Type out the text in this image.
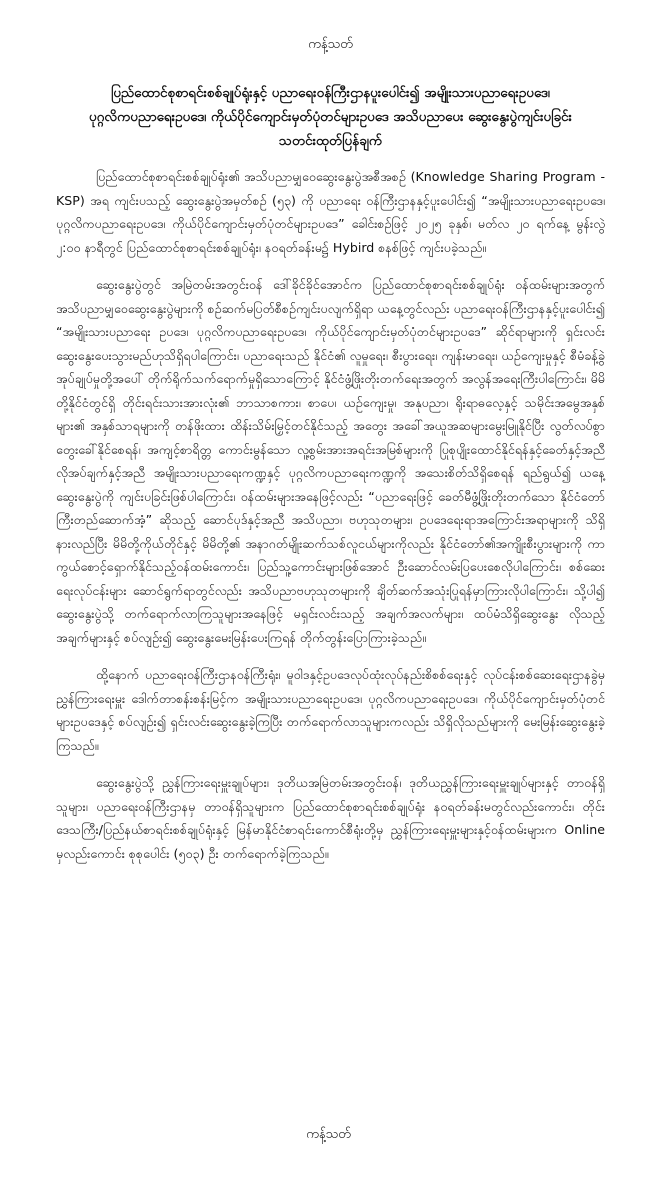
ကန့်သတ်
ပြည်ထောင်စုစာရင်းစစ်ချုပ်ရုံးနှင့် ပညာရေးဝန်ကြီးဌာနပူးပေါင်း၍ အမျိုးသားပညာရေးဥပဒေ၊
ပုဂ္ဂလိကပညာရေးဥပဒေ၊ ကိုယ်ပိုင်ကျောင်းမှတ်ပုံတင်များဥပဒေ အသိပညာပေး ဆွေးနွေးပွဲကျင်းပခြင်း
သတင်းထုတ်ပြန်ချက်

ပြည်ထောင်စုစာရင်းစစ်ချုပ်ရုံး၏ အသိပညာမျှဝေဆွေးနွေးပွဲအစီအစဉ် (Knowledge Sharing Program - KSP) အရ ကျင်းပသည့် ဆွေးနွေးပွဲအမှတ်စဉ် (၅၃) ကို ပညာရေး ဝန်ကြီးဌာနနှင့်ပူးပေါင်း၍ “အမျိုးသားပညာရေးဥပဒေ၊ ပုဂ္ဂလိကပညာရေးဥပဒေ၊ ကိုယ်ပိုင်ကျောင်းမှတ်ပုံတင်များဥပဒေ” ခေါင်းစဉ်ဖြင့် ၂၀၂၅ ခုနှစ်၊ မတ်လ ၂၀ ရက်နေ့ မွန်းလွဲ ၂:၀၀ နာရီတွင် ပြည်ထောင်စုစာရင်းစစ်ချုပ်ရုံး၊ နဝရတ်ခန်းမ၌ Hybird စနစ်ဖြင့် ကျင်းပခဲ့သည်။

ဆွေးနွေးပွဲတွင် အမြဲတမ်းအတွင်းဝန် ဒေါ်ခိုင်ခိုင်အောင်က ပြည်ထောင်စုစာရင်းစစ်ချုပ်ရုံး ဝန်ထမ်းများအတွက် အသိပညာမျှဝေဆွေးနွေးပွဲများကို စဉ်ဆက်မပြတ်စီစဉ်ကျင်းပလျက်ရှိရာ ယနေ့တွင်လည်း ပညာရေးဝန်ကြီးဌာနနှင့်ပူးပေါင်း၍ “အမျိုးသားပညာရေး ဥပဒေ၊ ပုဂ္ဂလိကပညာရေးဥပဒေ၊ ကိုယ်ပိုင်ကျောင်းမှတ်ပုံတင်များဥပဒေ” ဆိုင်ရာများကို ရှင်းလင်းဆွေးနွေးပေးသွားမည်ဟုသိရှိရပါကြောင်း၊ ပညာရေးသည် နိုင်ငံ၏ လူမှုရေး၊ စီးပွားရေး၊ ကျန်းမာရေး၊ ယဉ်ကျေးမှုနှင့် စီမံခန့်ခွဲအုပ်ချုပ်မှုတို့အပေါ် တိုက်ရိုက်သက်ရောက်မှုရှိသောကြောင့် နိုင်ငံဖွံ့ဖြိုးတိုးတက်ရေးအတွက် အလွန်အရေးကြီးပါကြောင်း၊ မိမိတို့နိုင်ငံတွင်ရှိ တိုင်းရင်းသားအားလုံး၏ ဘာသာစကား၊ စာပေ၊ ယဉ်ကျေးမှု၊ အနုပညာ၊ ရိုးရာဓလေ့နှင့် သမိုင်းအမွေအနှစ်များ၏ အနှစ်သာရများကို တန်ဖိုးထား ထိန်းသိမ်းမြှင့်တင်နိုင်သည့် အတွေး အခေါ်အယူအဆများမွေးမြူနိုင်ပြီး လွတ်လပ်စွာတွေးခေါ်နိုင်စေရန်၊ အကျင့်စာရိတ္တ ကောင်းမွန်သော လူ့စွမ်းအားအရင်းအမြစ်များကို ပြုစုပျိုးထောင်နိုင်ရန်နှင့်ခေတ်နှင့်အညီ လိုအပ်ချက်နှင့်အညီ အမျိုးသားပညာရေးကဏ္ဍနှင့် ပုဂ္ဂလိကပညာရေးကဏ္ဍကို အသေးစိတ်သိရှိစေရန် ရည်ရွယ်၍ ယနေ့ဆွေးနွေးပွဲကို ကျင်းပခြင်းဖြစ်ပါကြောင်း၊ ဝန်ထမ်းများအနေဖြင့်လည်း “ပညာရေးဖြင့် ခေတ်မီဖွံ့ဖြိုးတိုးတက်သော နိုင်ငံတော်ကြီးတည်ဆောက်အံ့” ဆိုသည့် ဆောင်ပုဒ်နှင့်အညီ အသိပညာ၊ ဗဟုသုတများ၊ ဥပဒေရေးရာအကြောင်းအရာများကို သိရှိနားလည်ပြီး မိမိတို့ကိုယ်တိုင်နှင့် မိမိတို့၏ အနာဂတ်မျိုးဆက်သစ်လူငယ်များကိုလည်း နိုင်ငံတော်၏အကျိုးစီးပွားများကို ကာကွယ်စောင့်ရှောက်နိုင်သည့်ဝန်ထမ်းကောင်း၊ ပြည်သူ့ကောင်းများဖြစ်အောင် ဦးဆောင်လမ်းပြပေးစေလိုပါကြောင်း၊ စစ်ဆေးရေးလုပ်ငန်းများ ဆောင်ရွက်ရာတွင်လည်း အသိပညာဗဟုသုတများကို ချိတ်ဆက်အသုံးပြုရန်မှာကြားလိုပါကြောင်း၊ သို့ပါ၍ ဆွေးနွေးပွဲသို့ တက်ရောက်လာကြသူများအနေဖြင့် မရှင်းလင်းသည့် အချက်အလက်များ၊ ထပ်မံသိရှိဆွေးနွေး လိုသည့်အချက်များနှင့် စပ်လျဉ်း၍ ဆွေးနွေးမေးမြန်းပေးကြရန် တိုက်တွန်းပြောကြားခဲ့သည်။

ထို့နောက် ပညာရေးဝန်ကြီးဌာနဝန်ကြီးရုံး၊ မူဝါဒနှင့်ဥပဒေလုပ်ထုံးလုပ်နည်းစိစစ်ရေးနှင့် လုပ်ငန်းစစ်ဆေးရေးဌာနခွဲမှ ညွှန်ကြားရေးမှူး ဒေါက်တာစန်းစန်းမြင့်က အမျိုးသားပညာရေးဥပဒေ၊ ပုဂ္ဂလိကပညာရေးဥပဒေ၊ ကိုယ်ပိုင်ကျောင်းမှတ်ပုံတင်များဥပဒေနှင့် စပ်လျဉ်း၍ ရှင်းလင်းဆွေးနွေးခဲ့ကြပြီး တက်ရောက်လာသူများကလည်း သိရှိလိုသည်များကို မေးမြန်းဆွေးနွေးခဲ့ကြသည်။

ဆွေးနွေးပွဲသို့ ညွှန်ကြားရေးမှူးချုပ်များ၊ ဒုတိယအမြဲတမ်းအတွင်းဝန်၊ ဒုတိယညွှန်ကြားရေးမှူးချုပ်များနှင့် တာဝန်ရှိသူများ၊ ပညာရေးဝန်ကြီးဌာနမှ တာဝန်ရှိသူများက ပြည်ထောင်စုစာရင်းစစ်ချုပ်ရုံး နဝရတ်ခန်းမတွင်လည်းကောင်း၊ တိုင်းဒေသကြီး/ပြည်နယ်စာရင်းစစ်ချုပ်ရုံးနှင့် မြန်မာနိုင်ငံစာရင်းကောင်စီရုံးတို့မှ ညွှန်ကြားရေးမှူးများနှင့်ဝန်ထမ်းများက Online မှလည်းကောင်း စုစုပေါင်း (၅၀၃) ဦး တက်ရောက်ခဲ့ကြသည်။

ကန့်သတ်
